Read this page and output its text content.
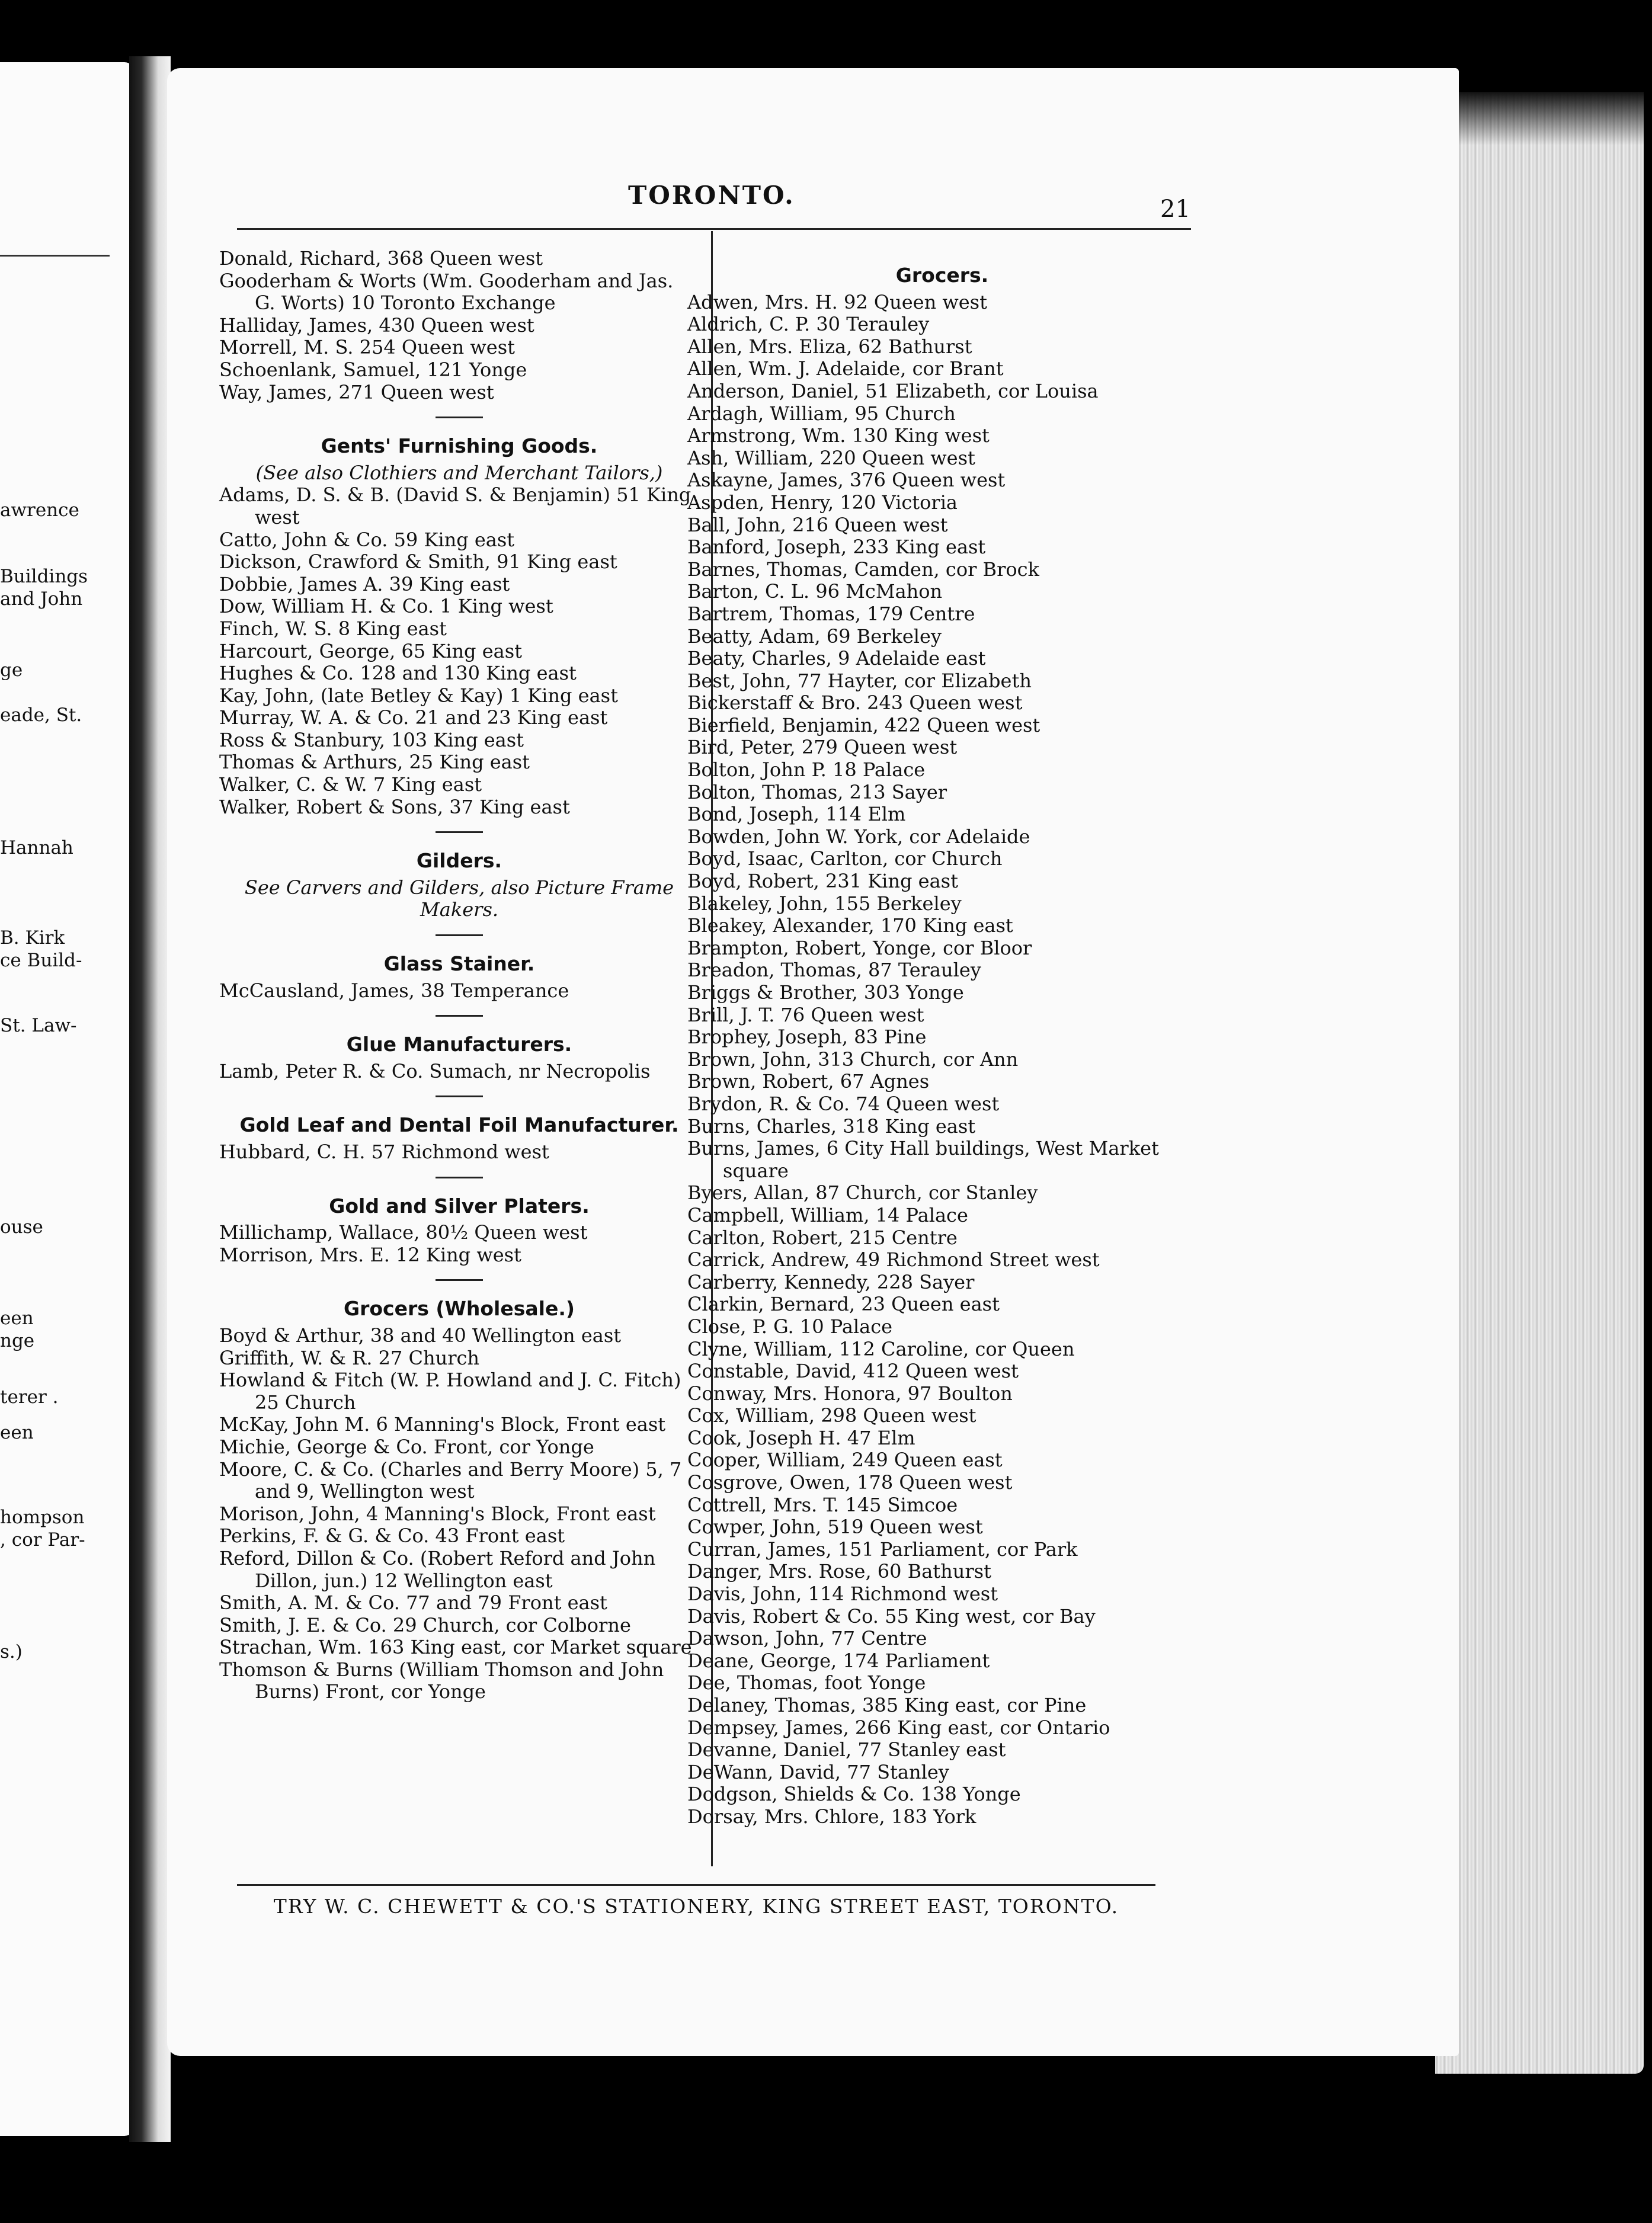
awrence
Buildings
and John
ge
eade, St.
Hannah
B. Kirk
ce Build-
St. Law-
ouse
een
nge
terer .
een
hompson
, cor Par-
s.)
TORONTO.	21
Donald, Richard, 368 Queen west
Gooderham & Worts (Wm. Gooderham and Jas. G. Worts) 10 Toronto Exchange
Halliday, James, 430 Queen west
Morrell, M. S. 254 Queen west
Schoenlank, Samuel, 121 Yonge
Way, James, 271 Queen west
Gents' Furnishing Goods.
(See also Clothiers and Merchant Tailors,)
Adams, D. S. & B. (David S. & Benjamin) 51 King west
Catto, John & Co. 59 King east
Dickson, Crawford & Smith, 91 King east
Dobbie, James A. 39 King east
Dow, William H. & Co. 1 King west
Finch, W. S. 8 King east
Harcourt, George, 65 King east
Hughes & Co. 128 and 130 King east
Kay, John, (late Betley & Kay) 1 King east
Murray, W. A. & Co. 21 and 23 King east
Ross & Stanbury, 103 King east
Thomas & Arthurs, 25 King east
Walker, C. & W. 7 King east
Walker, Robert & Sons, 37 King east
Gilders.
See Carvers and Gilders, also Picture Frame Makers.
Glass Stainer.
McCausland, James, 38 Temperance
Glue Manufacturers.
Lamb, Peter R. & Co. Sumach, nr Necropolis
Gold Leaf and Dental Foil Manufacturer.
Hubbard, C. H. 57 Richmond west
Gold and Silver Platers.
Millichamp, Wallace, 80½ Queen west
Morrison, Mrs. E. 12 King west
Grocers (Wholesale.)
Boyd & Arthur, 38 and 40 Wellington east
Griffith, W. & R. 27 Church
Howland & Fitch (W. P. Howland and J. C. Fitch) 25 Church
McKay, John M. 6 Manning's Block, Front east
Michie, George & Co. Front, cor Yonge
Moore, C. & Co. (Charles and Berry Moore) 5, 7 and 9, Wellington west
Morison, John, 4 Manning's Block, Front east
Perkins, F. & G. & Co. 43 Front east
Reford, Dillon & Co. (Robert Reford and John Dillon, jun.) 12 Wellington east
Smith, A. M. & Co. 77 and 79 Front east
Smith, J. E. & Co. 29 Church, cor Colborne
Strachan, Wm. 163 King east, cor Market square
Thomson & Burns (William Thomson and John Burns) Front, cor Yonge
Grocers.
Adwen, Mrs. H. 92 Queen west
Aldrich, C. P. 30 Terauley
Allen, Mrs. Eliza, 62 Bathurst
Allen, Wm. J. Adelaide, cor Brant
Anderson, Daniel, 51 Elizabeth, cor Louisa
Ardagh, William, 95 Church
Armstrong, Wm. 130 King west
Ash, William, 220 Queen west
Askayne, James, 376 Queen west
Aspden, Henry, 120 Victoria
Ball, John, 216 Queen west
Banford, Joseph, 233 King east
Barnes, Thomas, Camden, cor Brock
Barton, C. L. 96 McMahon
Bartrem, Thomas, 179 Centre
Beatty, Adam, 69 Berkeley
Beaty, Charles, 9 Adelaide east
Best, John, 77 Hayter, cor Elizabeth
Bickerstaff & Bro. 243 Queen west
Bierfield, Benjamin, 422 Queen west
Bird, Peter, 279 Queen west
Bolton, John P. 18 Palace
Bolton, Thomas, 213 Sayer
Bond, Joseph, 114 Elm
Bowden, John W. York, cor Adelaide
Boyd, Isaac, Carlton, cor Church
Boyd, Robert, 231 King east
Blakeley, John, 155 Berkeley
Bleakey, Alexander, 170 King east
Brampton, Robert, Yonge, cor Bloor
Breadon, Thomas, 87 Terauley
Briggs & Brother, 303 Yonge
Brill, J. T. 76 Queen west
Brophey, Joseph, 83 Pine
Brown, John, 313 Church, cor Ann
Brown, Robert, 67 Agnes
Brydon, R. & Co. 74 Queen west
Burns, Charles, 318 King east
Burns, James, 6 City Hall buildings, West Market square
Byers, Allan, 87 Church, cor Stanley
Campbell, William, 14 Palace
Carlton, Robert, 215 Centre
Carrick, Andrew, 49 Richmond Street west
Carberry, Kennedy, 228 Sayer
Clarkin, Bernard, 23 Queen east
Close, P. G. 10 Palace
Clyne, William, 112 Caroline, cor Queen
Constable, David, 412 Queen west
Conway, Mrs. Honora, 97 Boulton
Cox, William, 298 Queen west
Cook, Joseph H. 47 Elm
Cooper, William, 249 Queen east
Cosgrove, Owen, 178 Queen west
Cottrell, Mrs. T. 145 Simcoe
Cowper, John, 519 Queen west
Curran, James, 151 Parliament, cor Park
Danger, Mrs. Rose, 60 Bathurst
Davis, John, 114 Richmond west
Davis, Robert & Co. 55 King west, cor Bay
Dawson, John, 77 Centre
Deane, George, 174 Parliament
Dee, Thomas, foot Yonge
Delaney, Thomas, 385 King east, cor Pine
Dempsey, James, 266 King east, cor Ontario
Devanne, Daniel, 77 Stanley east
DeWann, David, 77 Stanley
Dodgson, Shields & Co. 138 Yonge
Dorsay, Mrs. Chlore, 183 York
TRY W. C. CHEWETT & CO.'S STATIONERY, KING STREET EAST, TORONTO.
